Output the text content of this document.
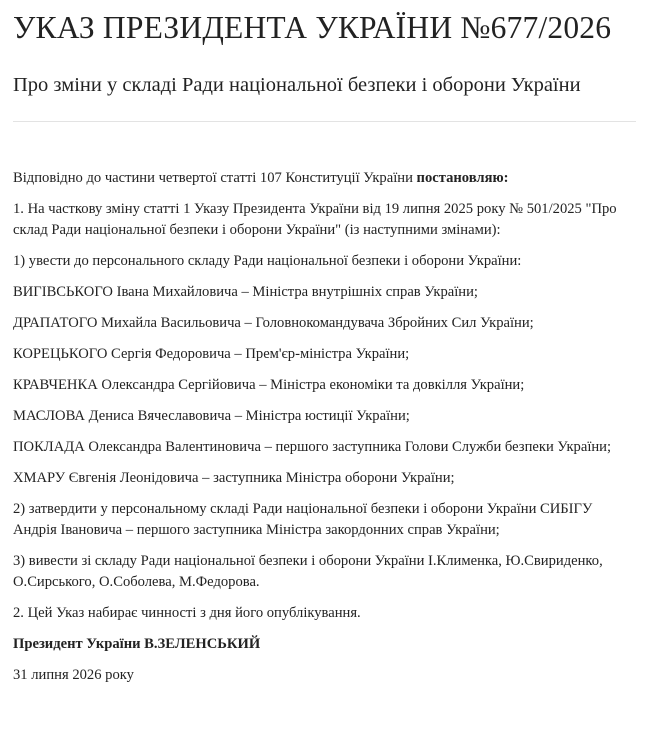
УКАЗ ПРЕЗИДЕНТА УКРАЇНИ №677/2026
Про зміни у складі Ради національної безпеки і оборони України

Відповідно до частини четвертої статті 107 Конституції України постановляю:

1. На часткову зміну статті 1 Указу Президента України від 19 липня 2025 року № 501/2025 "Про склад Ради національної безпеки і оборони України" (із наступними змінами):

1) увести до персонального складу Ради національної безпеки і оборони України:

ВИГІВСЬКОГО Івана Михайловича – Міністра внутрішніх справ України;

ДРАПАТОГО Михайла Васильовича – Головнокомандувача Збройних Сил України;

КОРЕЦЬКОГО Сергія Федоровича – Прем'єр-міністра України;

КРАВЧЕНКА Олександра Сергійовича – Міністра економіки та довкілля України;

МАСЛОВА Дениса Вячеславовича – Міністра юстиції України;

ПОКЛАДА Олександра Валентиновича – першого заступника Голови Служби безпеки України;

ХМАРУ Євгенія Леонідовича – заступника Міністра оборони України;

2) затвердити у персональному складі Ради національної безпеки і оборони України СИБІГУ Андрія Івановича – першого заступника Міністра закордонних справ України;

3) вивести зі складу Ради національної безпеки і оборони України І.Клименка, Ю.Свириденко, О.Сирського, О.Соболева, М.Федорова.

2. Цей Указ набирає чинності з дня його опублікування.

Президент України В.ЗЕЛЕНСЬКИЙ

31 липня 2026 року
